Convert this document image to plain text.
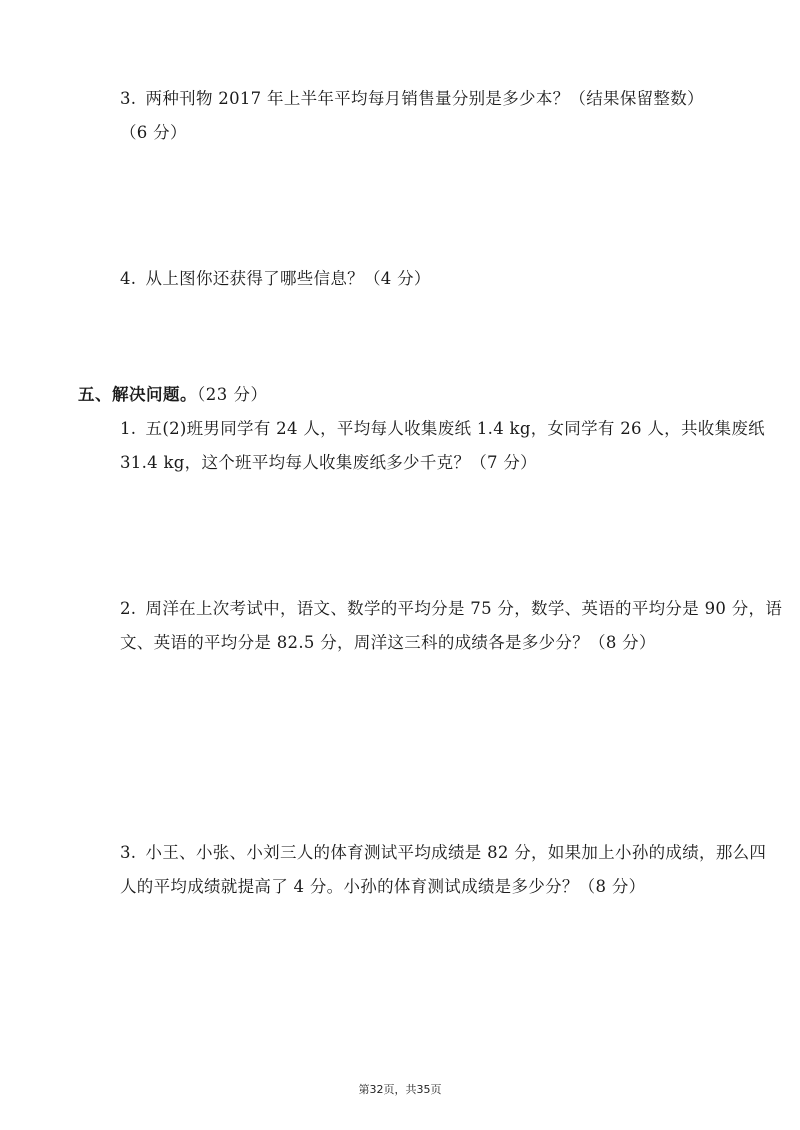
3. 两种刊物 2017 年上半年平均每月销售量分别是多少本？（结果保留整数）
（6 分）
4. 从上图你还获得了哪些信息？（4 分）
五、解决问题。（23 分）
1. 五(2)班男同学有 24 人，平均每人收集废纸 1.4 kg，女同学有 26 人，共收集废纸
31.4 kg，这个班平均每人收集废纸多少千克？（7 分）
2. 周洋在上次考试中，语文、数学的平均分是 75 分，数学、英语的平均分是 90 分，语
文、英语的平均分是 82.5 分，周洋这三科的成绩各是多少分？（8 分）
3. 小王、小张、小刘三人的体育测试平均成绩是 82 分，如果加上小孙的成绩，那么四
人的平均成绩就提高了 4 分。小孙的体育测试成绩是多少分？（8 分）
第32页，共35页
